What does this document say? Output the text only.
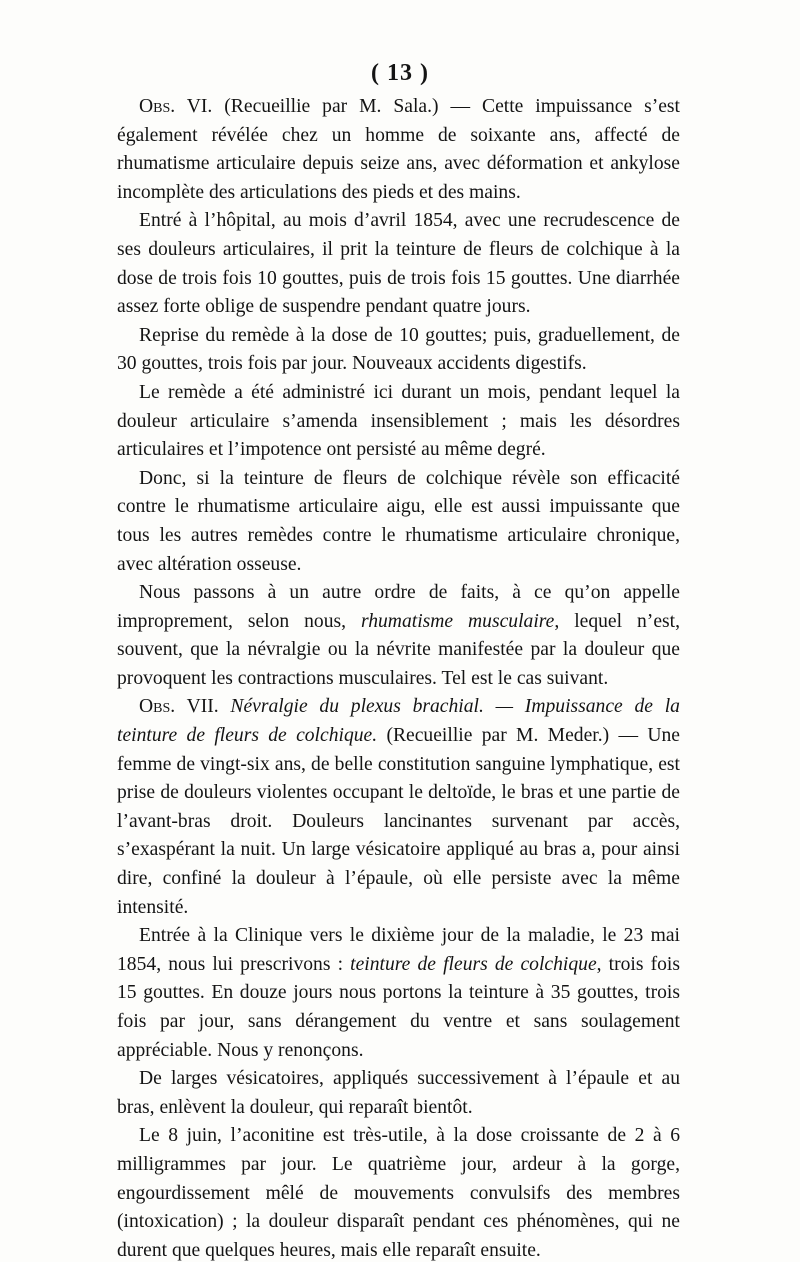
( 13 )

Obs. VI. (Recueillie par M. Sala.) — Cette impuissance s’est également révélée chez un homme de soixante ans, affecté de rhumatisme articulaire depuis seize ans, avec déformation et ankylose incomplète des articulations des pieds et des mains.

Entré à l’hôpital, au mois d’avril 1854, avec une recrudescence de ses douleurs articulaires, il prit la teinture de fleurs de colchique à la dose de trois fois 10 gouttes, puis de trois fois 15 gouttes. Une diarrhée assez forte oblige de suspendre pendant quatre jours.

Reprise du remède à la dose de 10 gouttes; puis, graduellement, de 30 gouttes, trois fois par jour. Nouveaux accidents digestifs.

Le remède a été administré ici durant un mois, pendant lequel la douleur articulaire s’amenda insensiblement ; mais les désordres articulaires et l’impotence ont persisté au même degré.

Donc, si la teinture de fleurs de colchique révèle son efficacité contre le rhumatisme articulaire aigu, elle est aussi impuissante que tous les autres remèdes contre le rhumatisme articulaire chronique, avec altération osseuse.

Nous passons à un autre ordre de faits, à ce qu’on appelle improprement, selon nous, rhumatisme musculaire, lequel n’est, souvent, que la névralgie ou la névrite manifestée par la douleur que provoquent les contractions musculaires. Tel est le cas suivant.

Obs. VII. Névralgie du plexus brachial. — Impuissance de la teinture de fleurs de colchique. (Recueillie par M. Meder.) — Une femme de vingt-six ans, de belle constitution sanguine lymphatique, est prise de douleurs violentes occupant le deltoïde, le bras et une partie de l’avant-bras droit. Douleurs lancinantes survenant par accès, s’exaspérant la nuit. Un large vésicatoire appliqué au bras a, pour ainsi dire, confiné la douleur à l’épaule, où elle persiste avec la même intensité.

Entrée à la Clinique vers le dixième jour de la maladie, le 23 mai 1854, nous lui prescrivons : teinture de fleurs de colchique, trois fois 15 gouttes. En douze jours nous portons la teinture à 35 gouttes, trois fois par jour, sans dérangement du ventre et sans soulagement appréciable. Nous y renonçons.

De larges vésicatoires, appliqués successivement à l’épaule et au bras, enlèvent la douleur, qui reparaît bientôt.

Le 8 juin, l’aconitine est très-utile, à la dose croissante de 2 à 6 milligrammes par jour. Le quatrième jour, ardeur à la gorge, engourdissement mêlé de mouvements convulsifs des membres (intoxication) ; la douleur disparaît pendant ces phénomènes, qui ne durent que quelques heures, mais elle reparaît ensuite.
